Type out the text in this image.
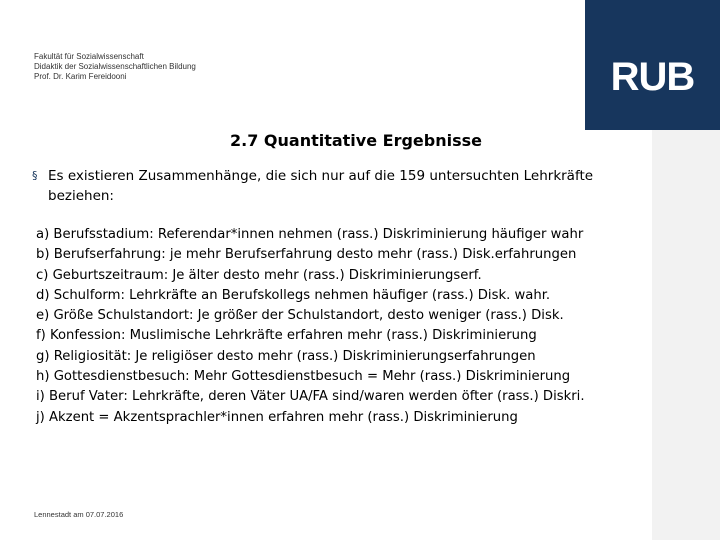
RUB
Fakultät für Sozialwissenschaft
Didaktik der Sozialwissenschaftlichen Bildung
Prof. Dr. Karim Fereidooni
2.7 Quantitative Ergebnisse
§ Es existieren Zusammenhänge, die sich nur auf die 159 untersuchten Lehrkräfte beziehen:
a) Berufsstadium: Referendar*innen nehmen (rass.) Diskriminierung häufiger wahr
b) Berufserfahrung: je mehr Berufserfahrung desto mehr (rass.) Disk.erfahrungen
c) Geburtszeitraum: Je älter desto mehr (rass.) Diskriminierungserf.
d) Schulform: Lehrkräfte an Berufskollegs nehmen häufiger (rass.) Disk. wahr.
e) Größe Schulstandort: Je größer der Schulstandort, desto weniger (rass.) Disk.
f) Konfession: Muslimische Lehrkräfte erfahren mehr (rass.) Diskriminierung
g) Religiosität: Je religiöser desto mehr (rass.) Diskriminierungserfahrungen
h) Gottesdienstbesuch: Mehr Gottesdienstbesuch = Mehr (rass.) Diskriminierung
i) Beruf Vater: Lehrkräfte, deren Väter UA/FA sind/waren werden öfter (rass.) Diskri.
j) Akzent = Akzentsprachler*innen erfahren mehr (rass.) Diskriminierung
Lennestadt am 07.07.2016
